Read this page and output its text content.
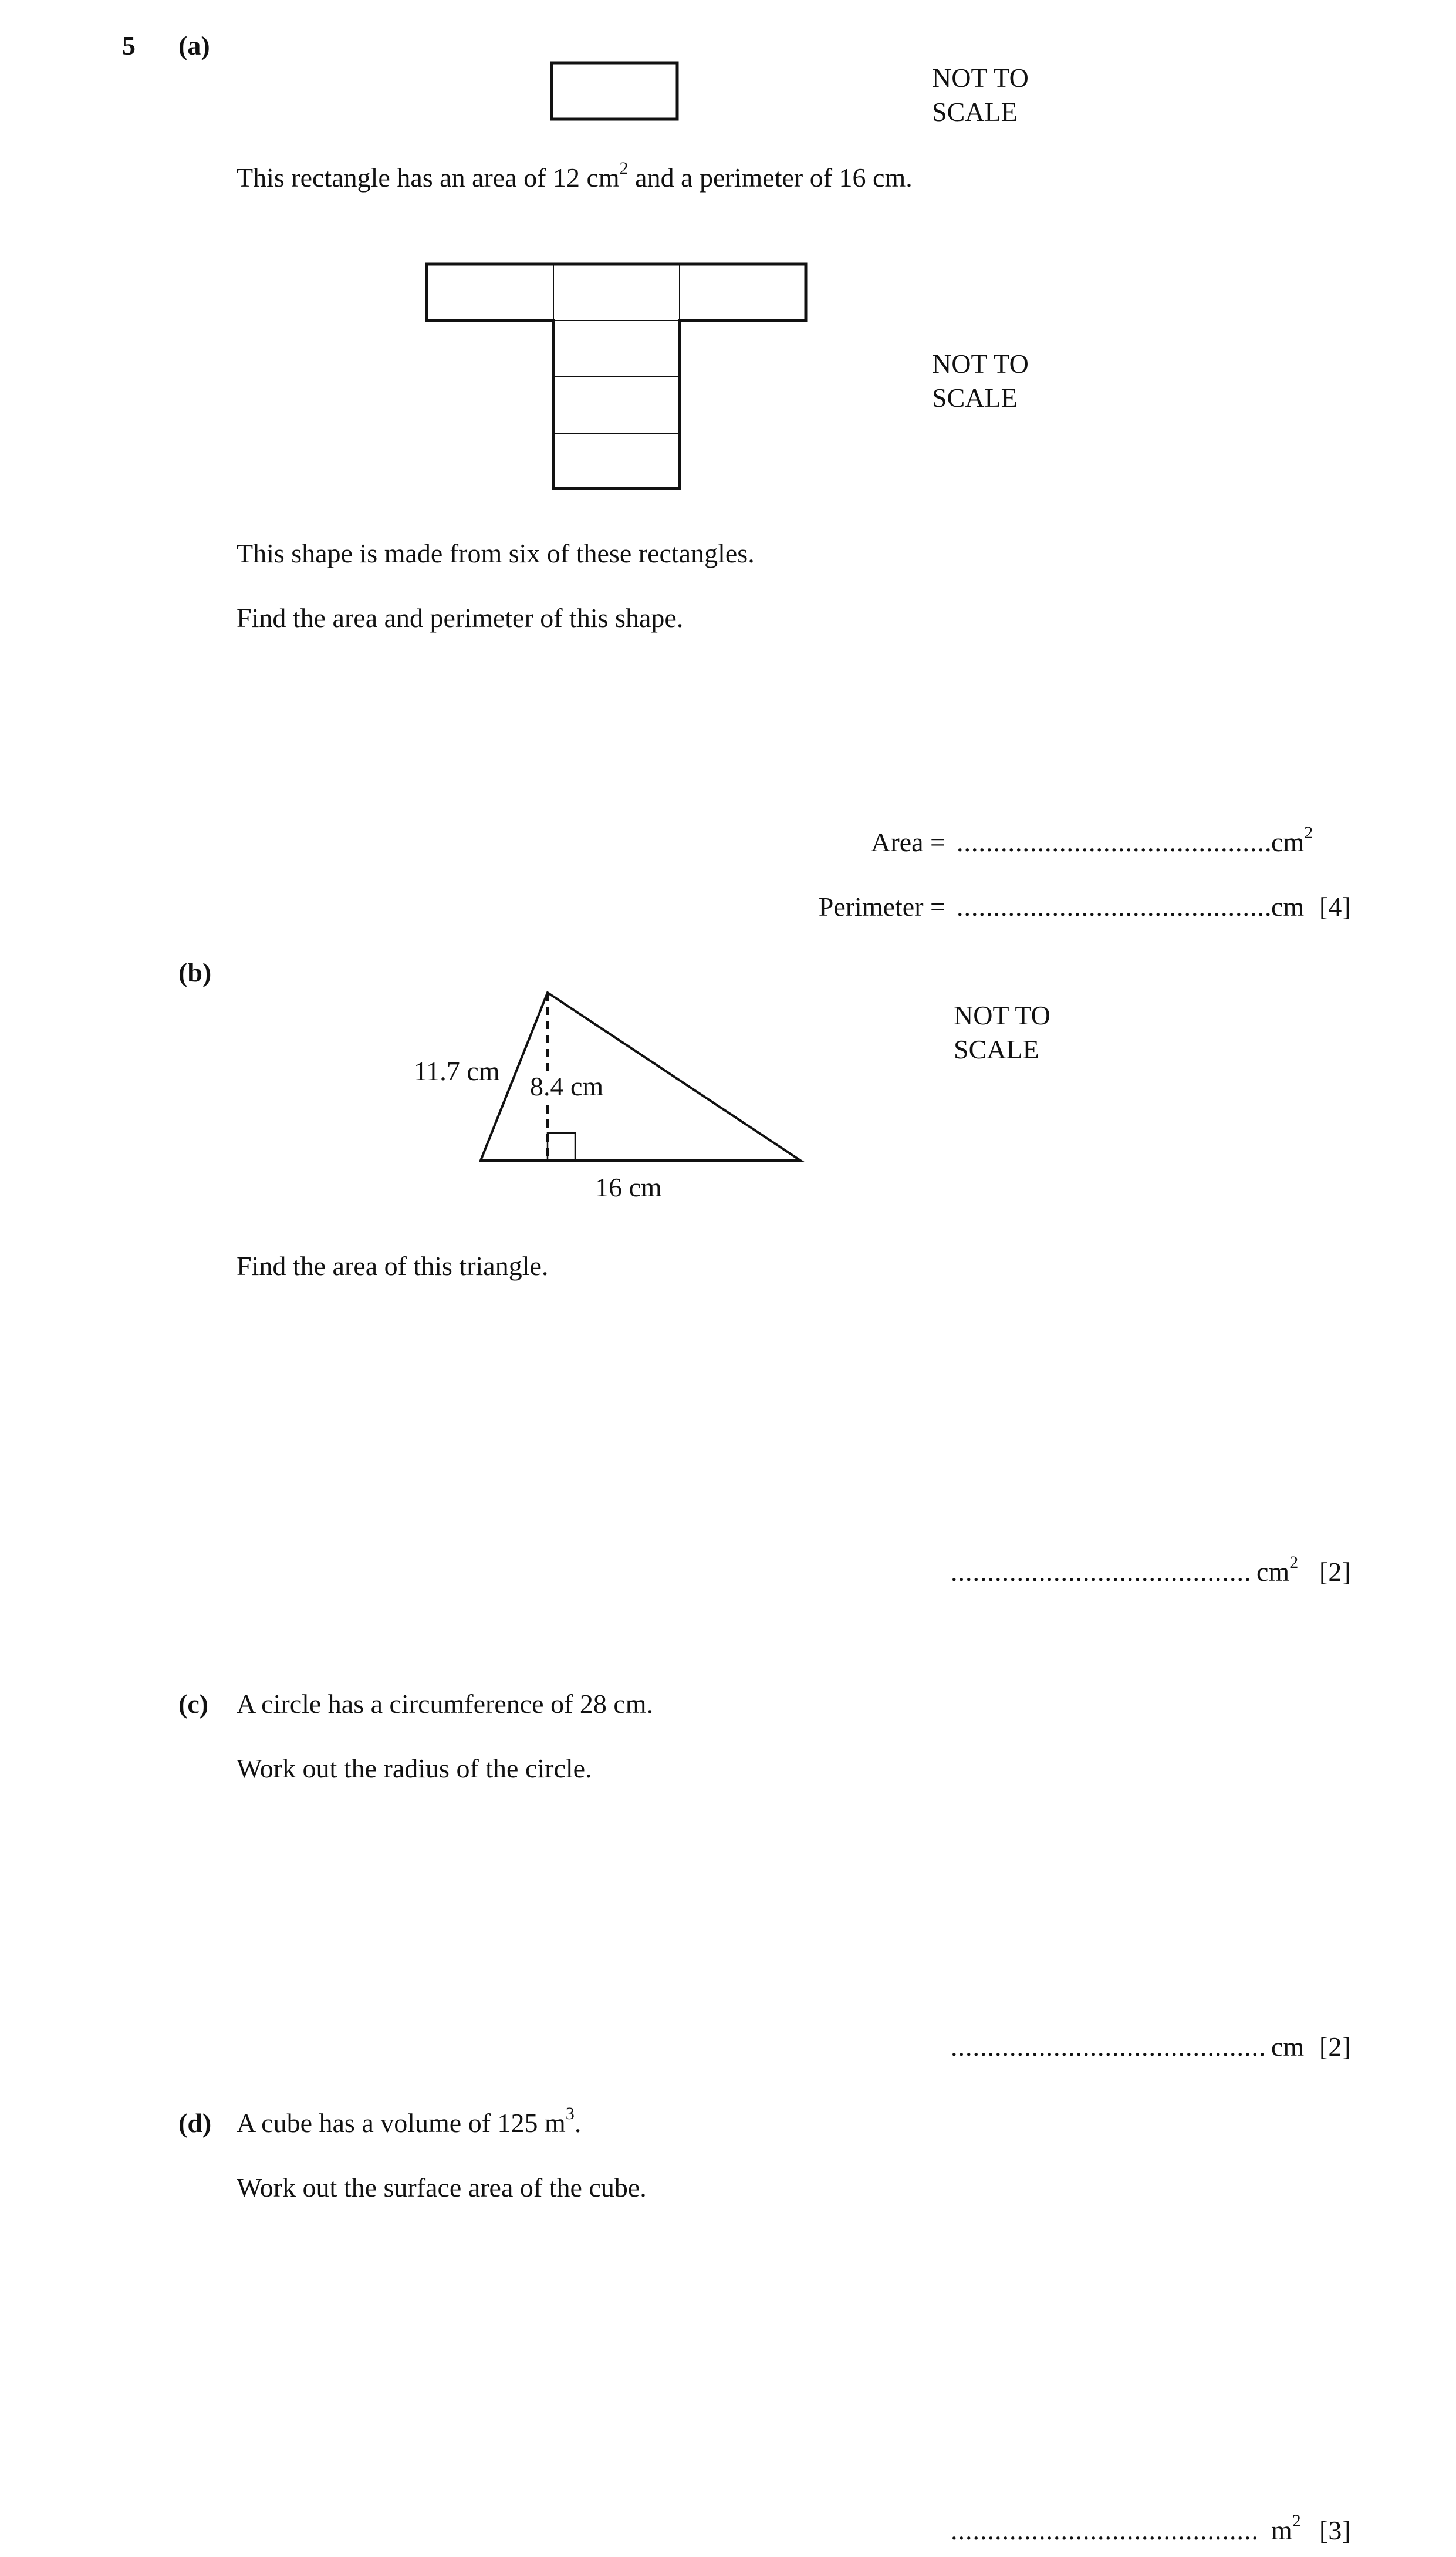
5 (a)
NOT TO
SCALE
This rectangle has an area of 12 $cm^2$ and a perimeter of 16 cm.
NOT TO
SCALE
This shape is made from six of these rectangles.
Find the area and perimeter of this shape.
Area = ...........................................
$cm^2$
Perimeter = ...........................................
cm [4]
(b)
NOT TO
SCALE
11.7 cm
8.4 cm
16 cm
Find the area of this triangle.
......................................... $cm^2$ [2]
(c) A circle has a circumference of 28 cm.
Work out the radius of the circle.
........................................... cm [2]
(d) A cube has a volume of 125 $m^3$.
Work out the surface area of the cube.
.......................................... $m^2$ [3]
